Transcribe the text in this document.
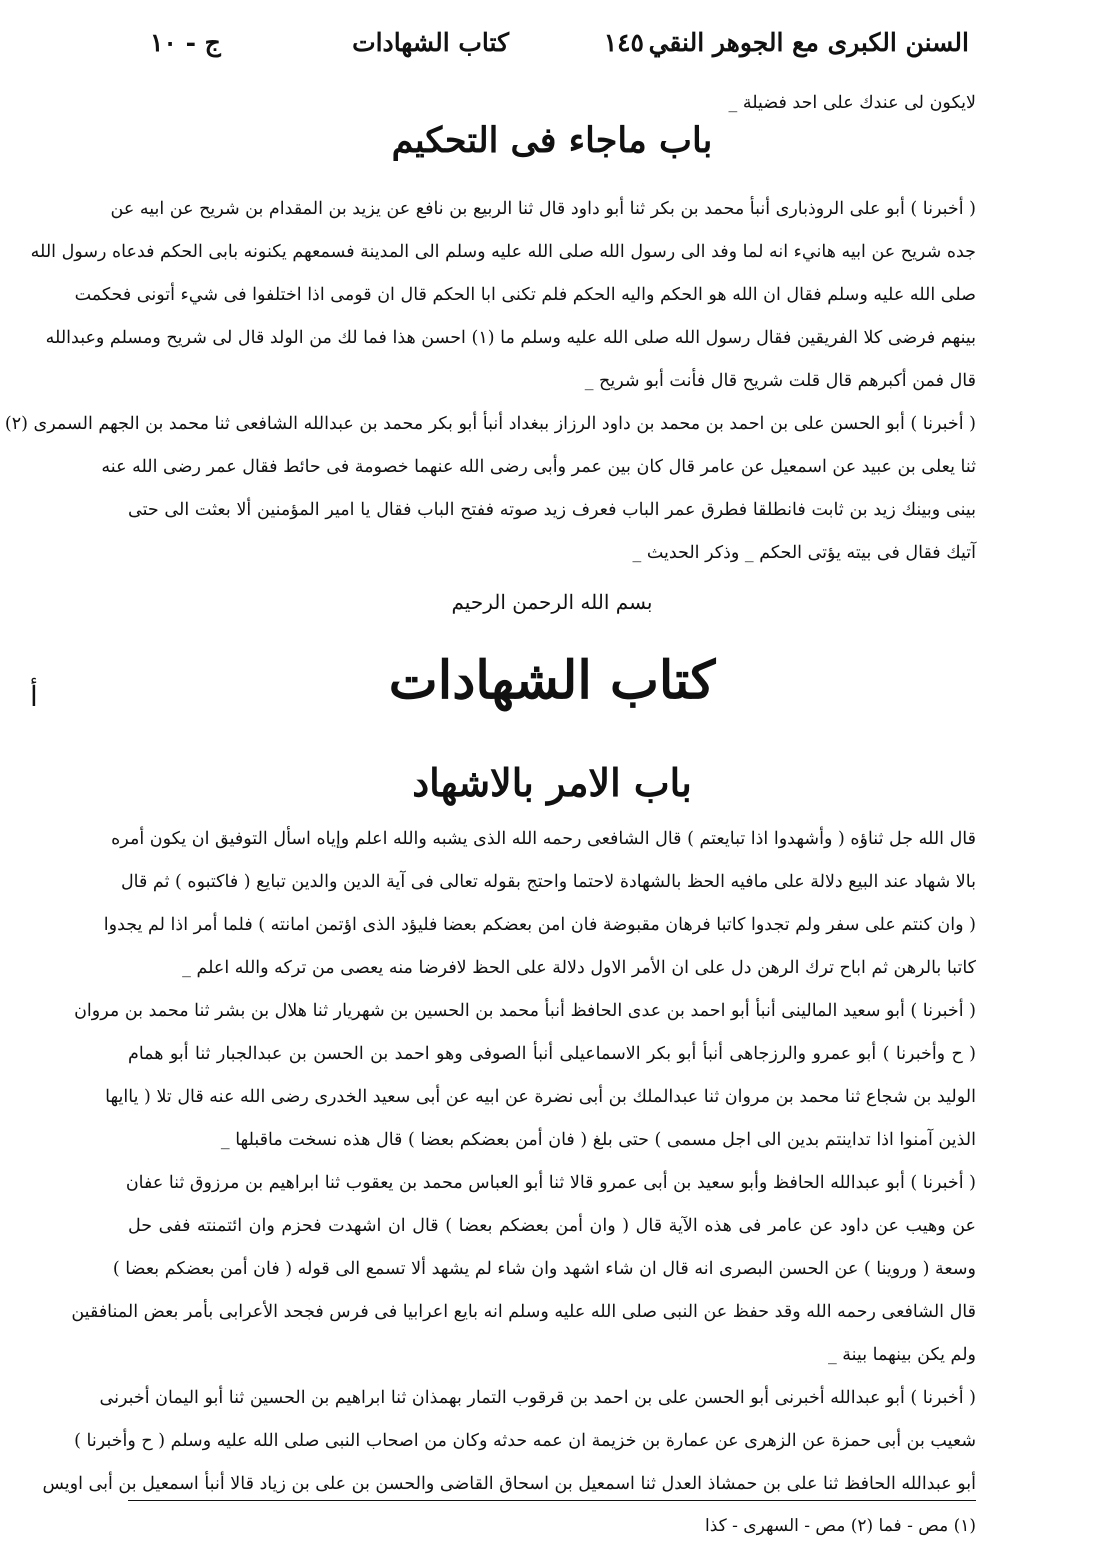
السنن الكبرى مع الجوهر النقي
١٤٥
كتاب الشهادات
ج - ١٠
لايكون لى عندك على احد فضيلة _
باب ماجاء فى التحكيم
( أخبرنا ) أبو على الروذبارى أنبأ محمد بن بكر ثنا أبو داود قال ثنا الربيع بن نافع عن يزيد بن المقدام بن شريح عن ابيه عن
جده شريح عن ابيه هانيء انه لما وفد الى رسول الله صلى الله عليه وسلم الى المدينة فسمعهم يكنونه بابى الحكم فدعاه رسول الله
صلى الله عليه وسلم فقال ان الله هو الحكم واليه الحكم فلم تكنى ابا الحكم قال ان قومى اذا اختلفوا فى شيء أتونى فحكمت
بينهم فرضى كلا الفريقين فقال رسول الله صلى الله عليه وسلم ما (١) احسن هذا فما لك من الولد قال لى شريح ومسلم وعبدالله
قال فمن أكبرهم قال قلت شريح قال فأنت أبو شريح _
( أخبرنا ) أبو الحسن على بن احمد بن محمد بن داود الرزاز ببغداد أنبأ أبو بكر محمد بن عبدالله الشافعى ثنا محمد بن الجهم السمرى (٢)
ثنا يعلى بن عبيد عن اسمعيل عن عامر قال كان بين عمر وأبى رضى الله عنهما خصومة فى حائط فقال عمر رضى الله عنه
بينى وبينك زيد بن ثابت فانطلقا فطرق عمر الباب فعرف زيد صوته ففتح الباب فقال يا امير المؤمنين ألا بعثت الى حتى
آتيك فقال فى بيته يؤتى الحكم _ وذكر الحديث _
بسم الله الرحمن الرحيم
كتاب الشهادات
باب الامر بالاشهاد
أ
قال الله جل ثناؤه ( وأشهدوا اذا تبايعتم ) قال الشافعى رحمه الله الذى يشبه والله اعلم وإياه اسأل التوفيق ان يكون أمره
بالا شهاد عند البيع دلالة على مافيه الحظ بالشهادة لاحتما واحتج بقوله تعالى فى آية الدين والدين تبايع ( فاكتبوه ) ثم قال
( وان كنتم على سفر ولم تجدوا كاتبا فرهان مقبوضة فان امن بعضكم بعضا فليؤد الذى اؤتمن امانته ) فلما أمر اذا لم يجدوا
كاتبا بالرهن ثم اباح ترك الرهن دل على ان الأمر الاول دلالة على الحظ لافرضا منه يعصى من تركه والله اعلم _
( أخبرنا ) أبو سعيد المالينى أنبأ أبو احمد بن عدى الحافظ أنبأ محمد بن الحسين بن شهريار ثنا هلال بن بشر ثنا محمد بن مروان
( ح وأخبرنا ) أبو عمرو والرزجاهى أنبأ أبو بكر الاسماعيلى أنبأ الصوفى وهو احمد بن الحسن بن عبدالجبار ثنا أبو همام
الوليد بن شجاع ثنا محمد بن مروان ثنا عبدالملك بن أبى نضرة عن ابيه عن أبى سعيد الخدرى رضى الله عنه قال تلا ( ياايها
الذين آمنوا اذا تداينتم بدين الى اجل مسمى ) حتى بلغ ( فان أمن بعضكم بعضا ) قال هذه نسخت ماقبلها _
( أخبرنا ) أبو عبدالله الحافظ وأبو سعيد بن أبى عمرو قالا ثنا أبو العباس محمد بن يعقوب ثنا ابراهيم بن مرزوق ثنا عفان
عن وهيب عن داود عن عامر فى هذه الآية قال ( وان أمن بعضكم بعضا ) قال ان اشهدت فحزم وان ائتمنته ففى حل
وسعة ( وروينا ) عن الحسن البصرى انه قال ان شاء اشهد وان شاء لم يشهد ألا تسمع الى قوله ( فان أمن بعضكم بعضا )
قال الشافعى رحمه الله وقد حفظ عن النبى صلى الله عليه وسلم انه بايع اعرابيا فى فرس فجحد الأعرابى بأمر بعض المنافقين
ولم يكن بينهما بينة _
( أخبرنا ) أبو عبدالله أخبرنى أبو الحسن على بن احمد بن قرقوب التمار بهمذان ثنا ابراهيم بن الحسين ثنا أبو اليمان أخبرنى
شعيب بن أبى حمزة عن الزهرى عن عمارة بن خزيمة ان عمه حدثه وكان من اصحاب النبى صلى الله عليه وسلم ( ح وأخبرنا )
أبو عبدالله الحافظ ثنا على بن حمشاذ العدل ثنا اسمعيل بن اسحاق القاضى والحسن بن على بن زياد قالا أنبأ اسمعيل بن أبى اويس
(١) مص - فما (٢) مص - السهرى - كذا
